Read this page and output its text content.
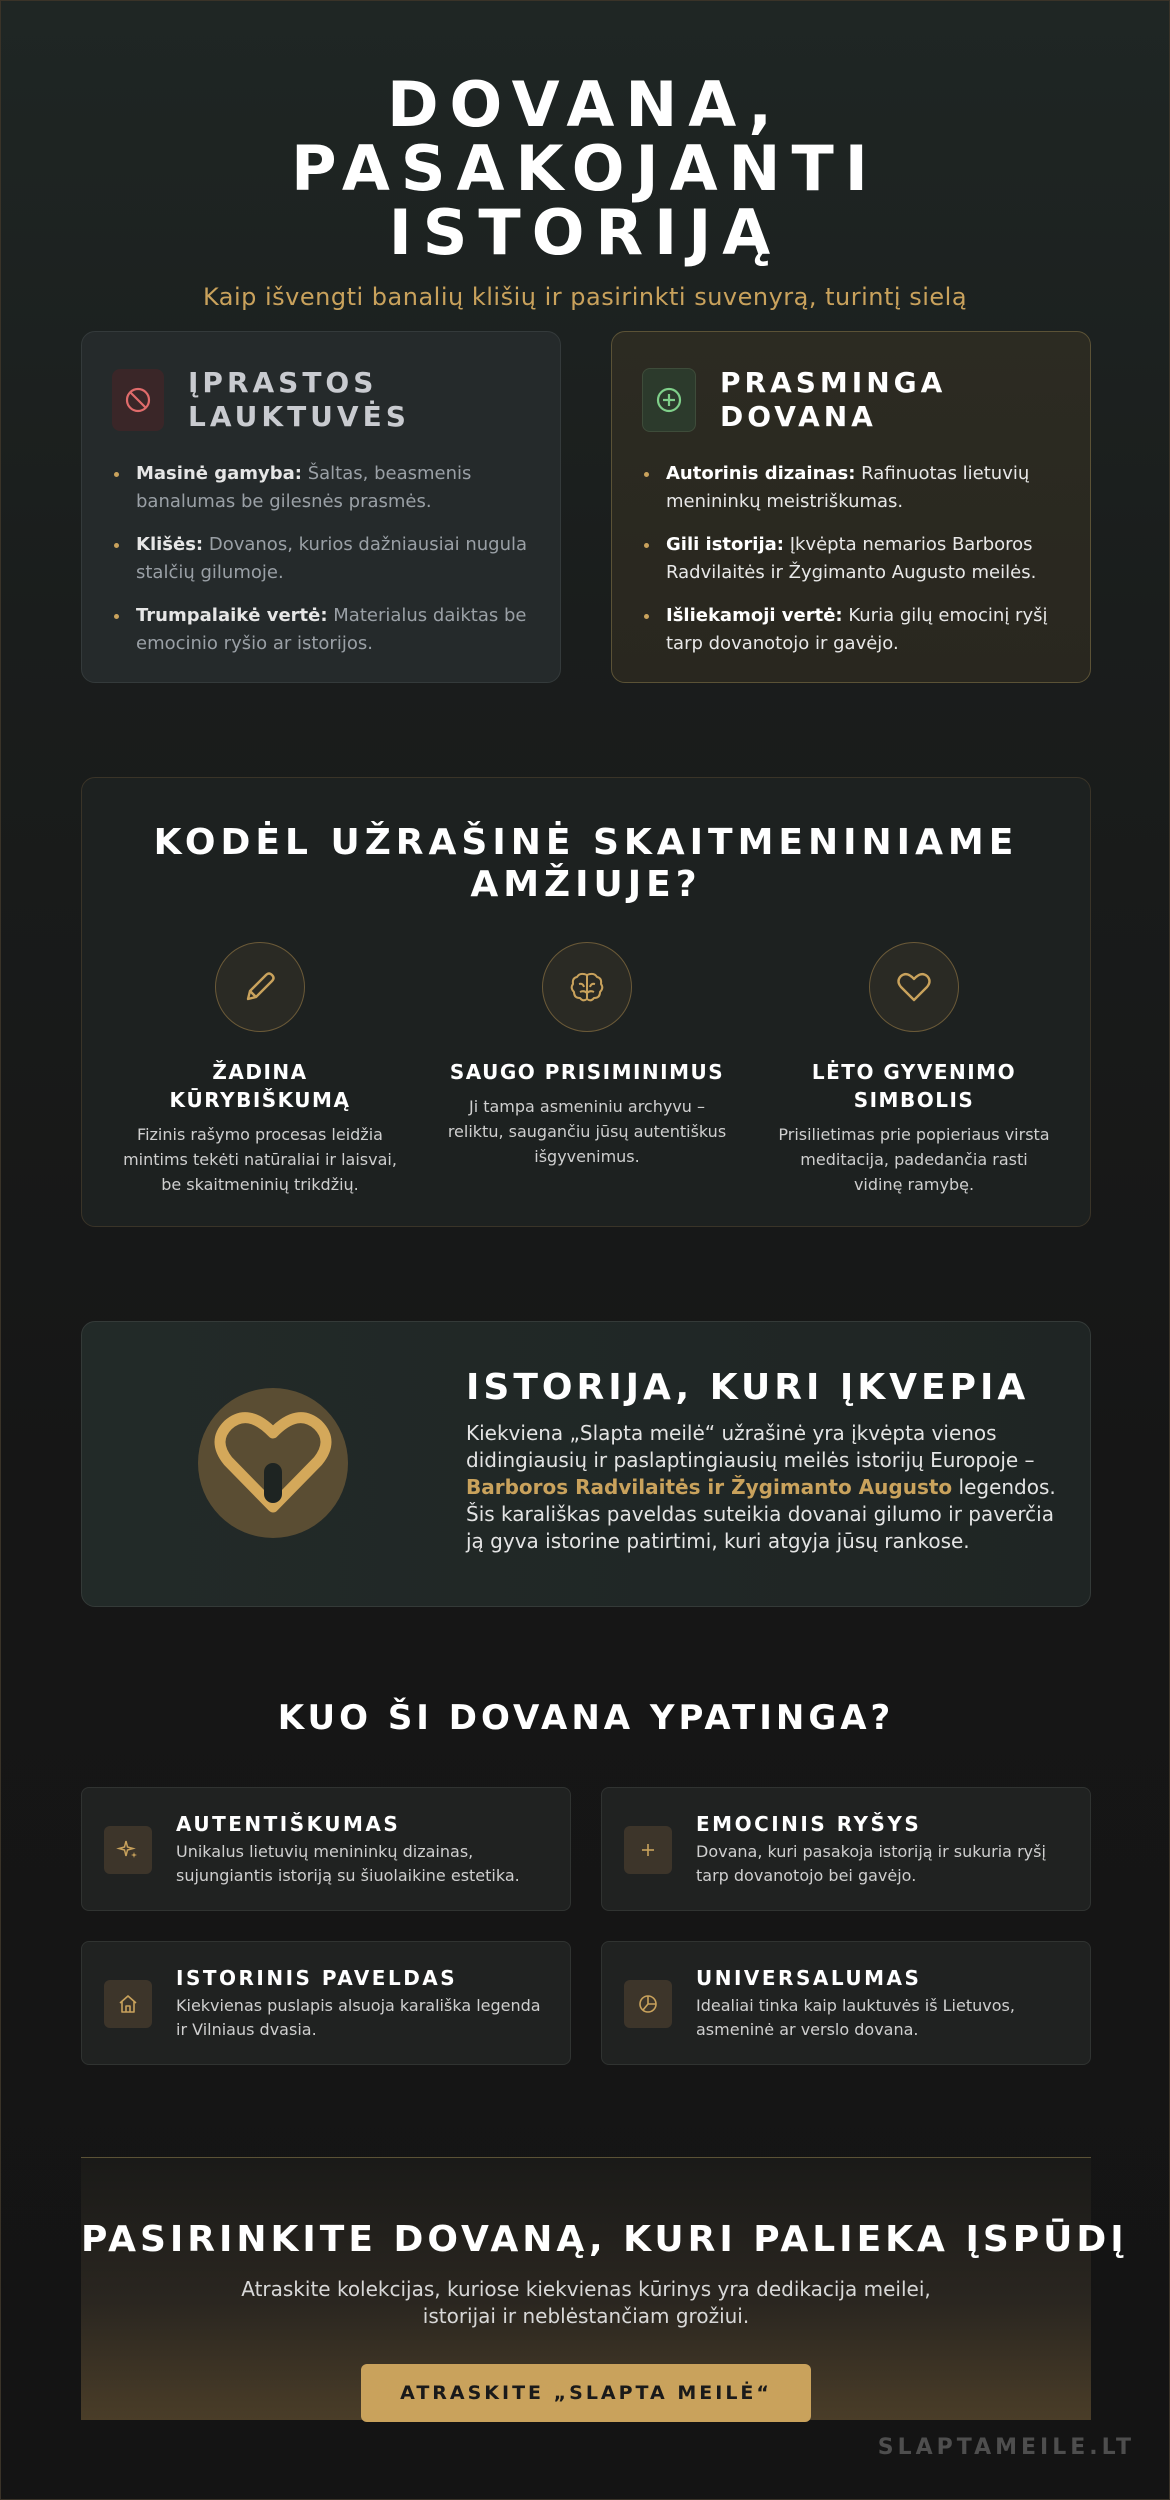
DOVANA, PASAKOJANTI ISTORIJĄ
Kaip išvengti banalių klišių ir pasirinkti suvenyrą, turintį sielą
ĮPRASTOS LAUKTUVĖS
Masinė gamyba: Šaltas, beasmenis banalumas be gilesnės prasmės.
Klišės: Dovanos, kurios dažniausiai nugula stalčių gilumoje.
Trumpalaikė vertė: Materialus daiktas be emocinio ryšio ar istorijos.
PRASMINGA DOVANA
Autorinis dizainas: Rafinuotas lietuvių menininkų meistriškumas.
Gili istorija: Įkvėpta nemarios Barboros Radvilaitės ir Žygimanto Augusto meilės.
Išliekamoji vertė: Kuria gilų emocinį ryšį tarp dovanotojo ir gavėjo.
KODĖL UŽRAŠINĖ SKAITMENINIAME AMŽIUJE?
ŽADINA KŪRYBIŠKUMĄ

Fizinis rašymo procesas leidžia mintims tekėti natūraliai ir laisvai, be skaitmeninių trikdžių.

SAUGO PRISIMINIMUS

Ji tampa asmeniniu archyvu – reliktu, saugančiu jūsų autentiškus išgyvenimus.

LĖTO GYVENIMO SIMBOLIS

Prisilietimas prie popieriaus virsta meditacija, padedančia rasti vidinę ramybę.

ISTORIJA, KURI ĮKVEPIA

Kiekviena „Slapta meilė“ užrašinė yra įkvėpta vienos didingiausių ir paslaptingiausių meilės istorijų Europoje – Barboros Radvilaitės ir Žygimanto Augusto legendos. Šis karališkas paveldas suteikia dovanai gilumo ir paverčia ją gyva istorine patirtimi, kuri atgyja jūsų rankose.

KUO ŠI DOVANA YPATINGA?
AUTENTIŠKUMAS

Unikalus lietuvių menininkų dizainas, sujungiantis istoriją su šiuolaikine estetika.

EMOCINIS RYŠYS

Dovana, kuri pasakoja istoriją ir sukuria ryšį tarp dovanotojo bei gavėjo.

ISTORINIS PAVELDAS

Kiekvienas puslapis alsuoja karališka legenda ir Vilniaus dvasia.

UNIVERSALUMAS

Idealiai tinka kaip lauktuvės iš Lietuvos, asmeninė ar verslo dovana.

PASIRINKITE DOVANĄ, KURI PALIEKA ĮSPŪDĮ

Atraskite kolekcijas, kuriose kiekvienas kūrinys yra dedikacija meilei, istorijai ir neblėstančiam grožiui.

ATRASKITE „SLAPTA MEILĖ“
SLAPTAMEILE.LT
